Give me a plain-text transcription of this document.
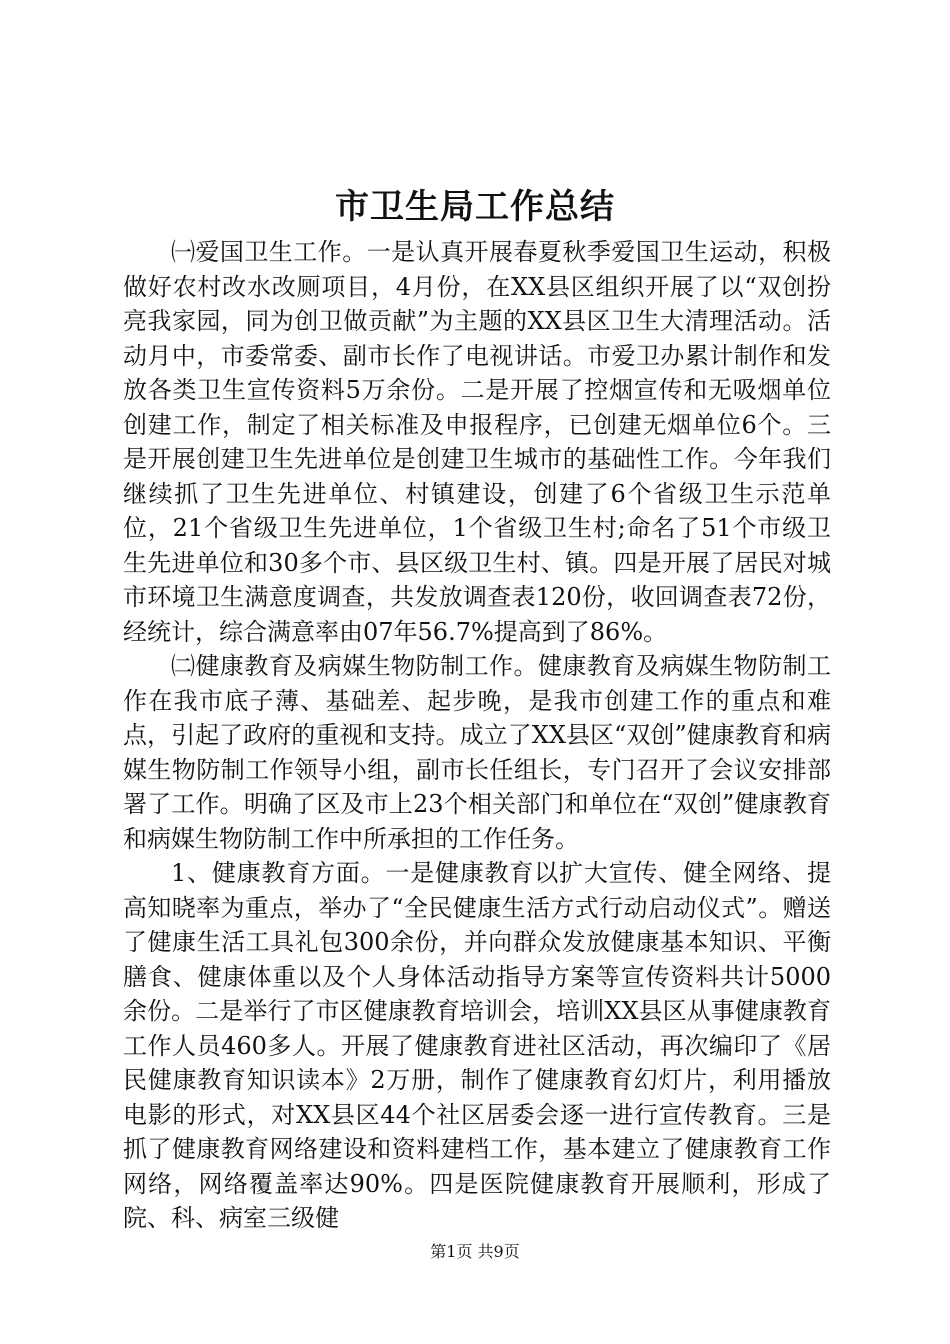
市卫生局工作总结

㈠爱国卫生工作。一是认真开展春夏秋季爱国卫生运动，积极做好农村改水改厕项目，4月份，在XX县区组织开展了以“双创扮亮我家园，同为创卫做贡献”为主题的XX县区卫生大清理活动。活动月中，市委常委、副市长作了电视讲话。市爱卫办累计制作和发放各类卫生宣传资料5万余份。二是开展了控烟宣传和无吸烟单位创建工作，制定了相关标准及申报程序，已创建无烟单位6个。三是开展创建卫生先进单位是创建卫生城市的基础性工作。今年我们继续抓了卫生先进单位、村镇建设，创建了6个省级卫生示范单位，21个省级卫生先进单位，1个省级卫生村;命名了51个市级卫生先进单位和30多个市、县区级卫生村、镇。四是开展了居民对城市环境卫生满意度调查，共发放调查表120份，收回调查表72份，经统计，综合满意率由07年56.7%提高到了86%。

㈡健康教育及病媒生物防制工作。健康教育及病媒生物防制工作在我市底子薄、基础差、起步晚，是我市创建工作的重点和难点，引起了政府的重视和支持。成立了XX县区“双创”健康教育和病媒生物防制工作领导小组，副市长任组长，专门召开了会议安排部署了工作。明确了区及市上23个相关部门和单位在“双创”健康教育和病媒生物防制工作中所承担的工作任务。

1、健康教育方面。一是健康教育以扩大宣传、健全网络、提高知晓率为重点，举办了“全民健康生活方式行动启动仪式”。赠送了健康生活工具礼包300余份，并向群众发放健康基本知识、平衡膳食、健康体重以及个人身体活动指导方案等宣传资料共计5000余份。二是举行了市区健康教育培训会，培训XX县区从事健康教育工作人员460多人。开展了健康教育进社区活动，再次编印了《居民健康教育知识读本》2万册，制作了健康教育幻灯片，利用播放电影的形式，对XX县区44个社区居委会逐一进行宣传教育。三是抓了健康教育网络建设和资料建档工作，基本建立了健康教育工作网络，网络覆盖率达90%。四是医院健康教育开展顺利，形成了院、科、病室三级健

第1页 共9页
